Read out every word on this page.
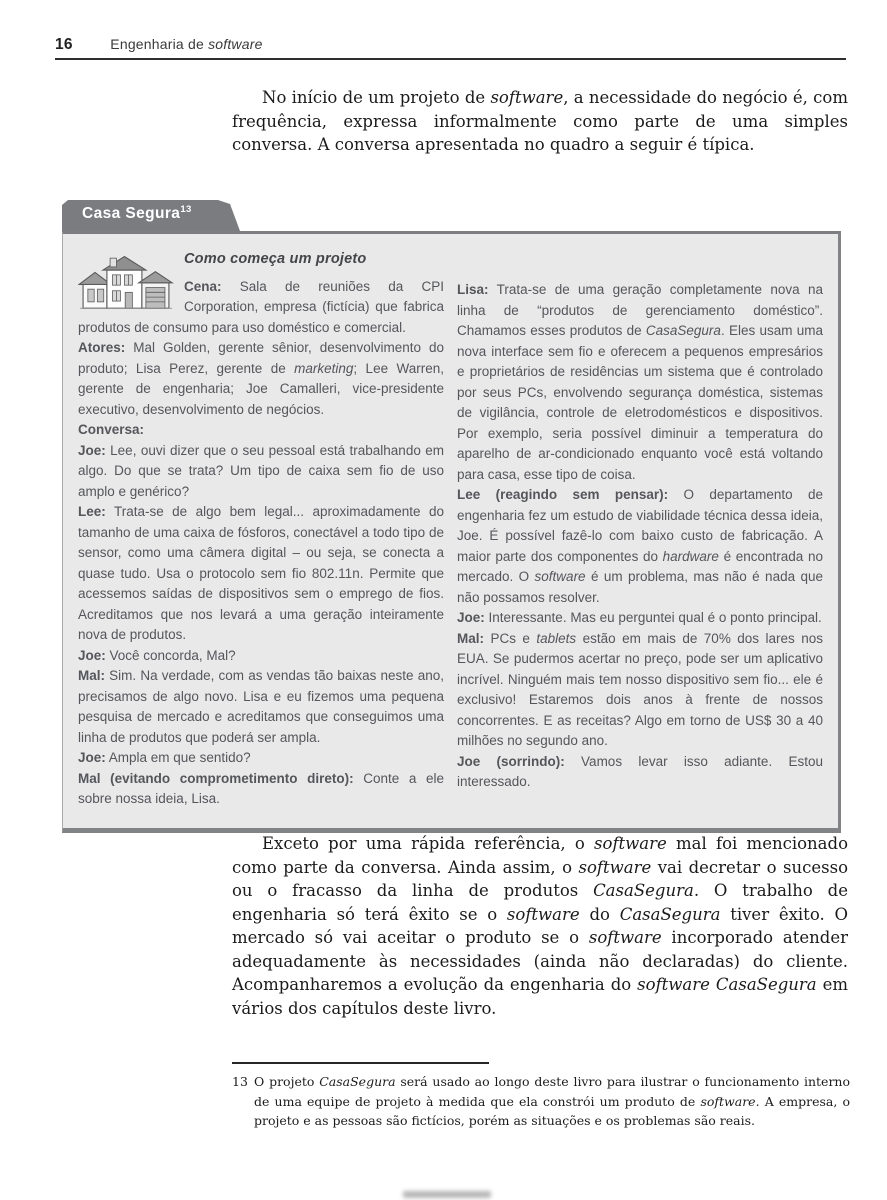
16	Engenharia de software

No início de um projeto de software, a necessidade do negócio é, com frequência, expressa informalmente como parte de uma simples conversa. A conversa apresentada no quadro a seguir é típica.

Casa Segura$^{13}$
Como começa um projeto

Cena: Sala de reuniões da CPI Corporation, empresa (fictícia) que fabrica produtos de consumo para uso doméstico e comercial.

Atores: Mal Golden, gerente sênior, desenvolvimento do produto; Lisa Perez, gerente de marketing; Lee Warren, gerente de engenharia; Joe Camalleri, vice-presidente executivo, desenvolvimento de negócios.

Conversa:

Joe: Lee, ouvi dizer que o seu pessoal está trabalhando em algo. Do que se trata? Um tipo de caixa sem fio de uso amplo e genérico?

Lee: Trata-se de algo bem legal... aproximadamente do tamanho de uma caixa de fósforos, conectável a todo tipo de sensor, como uma câmera digital – ou seja, se conecta a quase tudo. Usa o protocolo sem fio 802.11n. Permite que acessemos saídas de dispositivos sem o emprego de fios. Acreditamos que nos levará a uma geração inteiramente nova de produtos.

Joe: Você concorda, Mal?

Mal: Sim. Na verdade, com as vendas tão baixas neste ano, precisamos de algo novo. Lisa e eu fizemos uma pequena pesquisa de mercado e acreditamos que conseguimos uma linha de produtos que poderá ser ampla.

Joe: Ampla em que sentido?

Mal (evitando comprometimento direto): Conte a ele sobre nossa ideia, Lisa.

Lisa: Trata-se de uma geração completamente nova na linha de “produtos de gerenciamento doméstico”. Chamamos esses produtos de CasaSegura. Eles usam uma nova interface sem fio e oferecem a pequenos empresários e proprietários de residências um sistema que é controlado por seus PCs, envolvendo segurança doméstica, sistemas de vigilância, controle de eletrodomésticos e dispositivos. Por exemplo, seria possível diminuir a temperatura do aparelho de ar-condicionado enquanto você está voltando para casa, esse tipo de coisa.

Lee (reagindo sem pensar): O departamento de engenharia fez um estudo de viabilidade técnica dessa ideia, Joe. É possível fazê-lo com baixo custo de fabricação. A maior parte dos componentes do hardware é encontrada no mercado. O software é um problema, mas não é nada que não possamos resolver.

Joe: Interessante. Mas eu perguntei qual é o ponto principal.

Mal: PCs e tablets estão em mais de 70% dos lares nos EUA. Se pudermos acertar no preço, pode ser um aplicativo incrível. Ninguém mais tem nosso dispositivo sem fio... ele é exclusivo! Estaremos dois anos à frente de nossos concorrentes. E as receitas? Algo em torno de US$ 30 a 40 milhões no segundo ano.

Joe (sorrindo): Vamos levar isso adiante. Estou interessado.

Exceto por uma rápida referência, o software mal foi mencionado como parte da conversa. Ainda assim, o software vai decretar o sucesso ou o fracasso da linha de produtos CasaSegura. O trabalho de engenharia só terá êxito se o software do CasaSegura tiver êxito. O mercado só vai aceitar o produto se o software incorporado atender adequadamente às necessidades (ainda não declaradas) do cliente. Acompanharemos a evolução da engenharia do software CasaSegura em vários dos capítulos deste livro.

13 O projeto CasaSegura será usado ao longo deste livro para ilustrar o funcionamento interno de uma equipe de projeto à medida que ela constrói um produto de software. A empresa, o projeto e as pessoas são fictícios, porém as situações e os problemas são reais.
